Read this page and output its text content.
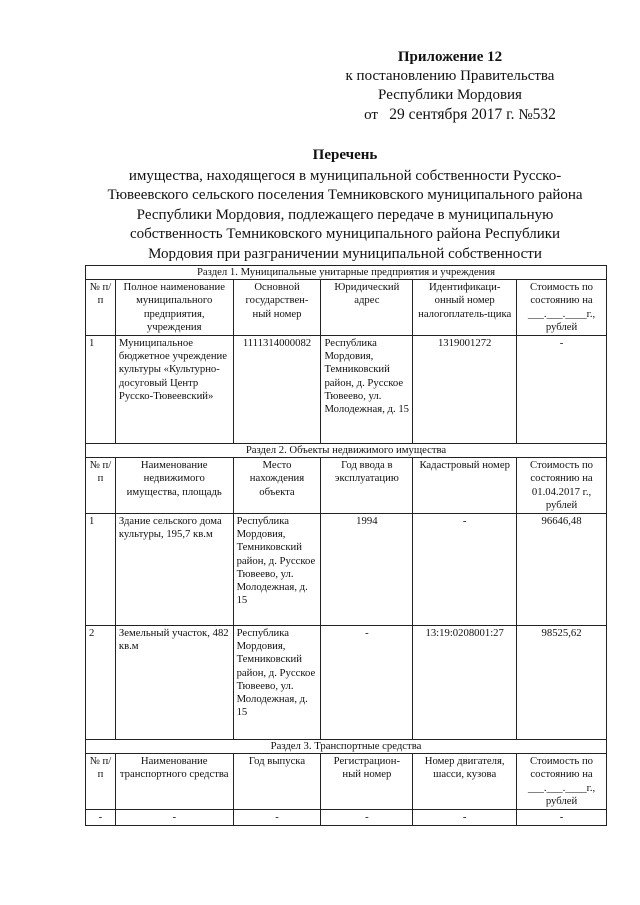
Приложение 12
к постановлению Правительства
Республики Мордовия
от 29 сентября 2017 г. №532
Перечень
имущества, находящегося в муниципальной собственности Русско-
Тювеевского сельского поселения Темниковского муниципального района
Республики Мордовия, подлежащего передаче в муниципальную
собственность Темниковского муниципального района Республики
Мордовия при разграничении муниципальной собственности
Раздел 1. Муниципальные унитарные предприятия и учреждения					
№ п/п	Полное наименование муниципального предприятия, учреждения	Основной государствен-ный номер	Юридический адрес	Идентификаци-онный номер налогоплатель-щика	Стоимость по состоянию на ___.___.____г., рублей
1	Муниципальное бюджетное учреждение культуры «Культурно-досуговый Центр Русско-Тювеевский»	1111314000082	Республика Мордовия, Темниковский район, д. Русское Тювеево, ул. Молодежная, д. 15	1319001272	-
Раздел 2. Объекты недвижимого имущества					
№ п/п	Наименование недвижимого имущества, площадь	Место нахождения объекта	Год ввода в эксплуатацию	Кадастровый номер	Стоимость по состоянию на 01.04.2017 г., рублей
1	Здание сельского дома культуры, 195,7 кв.м	Республика Мордовия, Темниковский район, д. Русское Тювеево, ул. Молодежная, д. 15	1994	-	96646,48
2	Земельный участок, 482 кв.м	Республика Мордовия, Темниковский район, д. Русское Тювеево, ул. Молодежная, д. 15	-	13:19:0208001:27	98525,62
Раздел 3. Транспортные средства					
№ п/п	Наименование транспортного средства	Год выпуска	Регистрацион-ный номер	Номер двигателя, шасси, кузова	Стоимость по состоянию на ___.___.____г., рублей
-	-	-	-	-	-
